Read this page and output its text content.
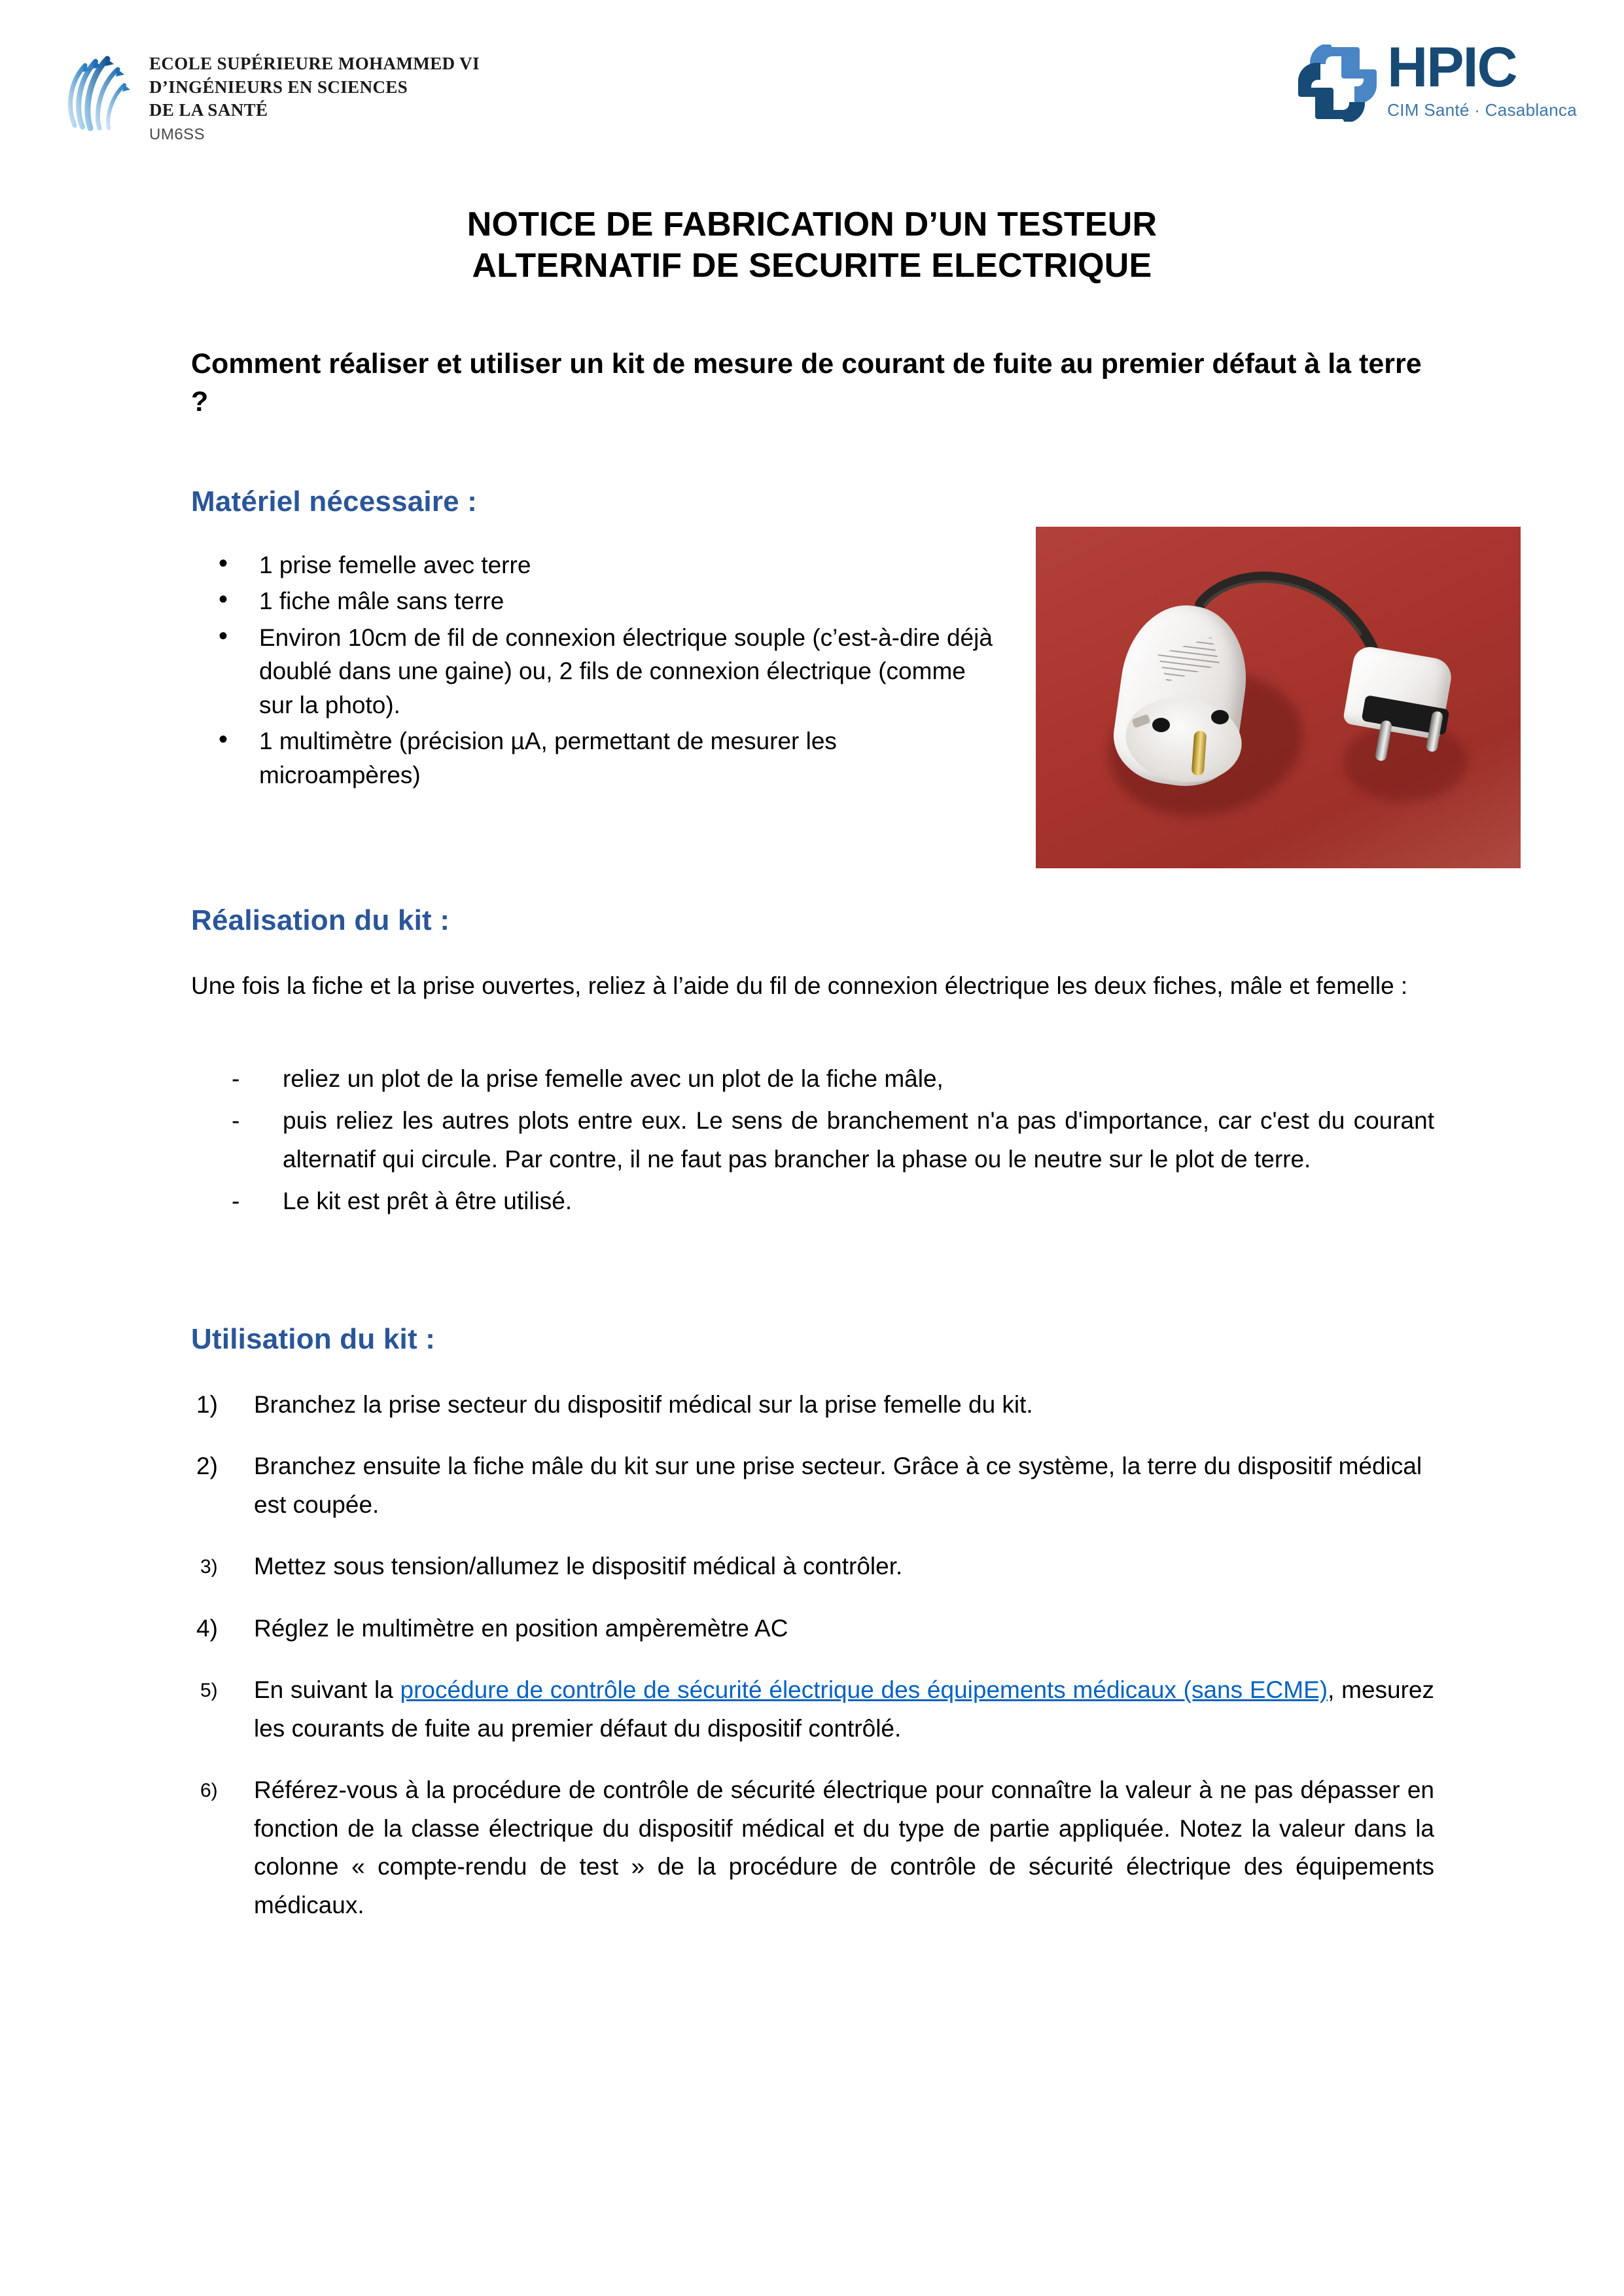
ECOLE SUPÉRIEURE MOHAMMED VI
D’INGÉNIEURS EN SCIENCES
DE LA SANTÉ
UM6SS
HPIC
CIM Santé · Casablanca
NOTICE DE FABRICATION D’UN TESTEUR
ALTERNATIF DE SECURITE ELECTRIQUE
Comment réaliser et utiliser un kit de mesure de courant de fuite au premier défaut à la terre ?
Matériel nécessaire :
• 1 prise femelle avec terre
• 1 fiche mâle sans terre
• Environ 10cm de fil de connexion électrique souple (c’est-à-dire déjà doublé dans une gaine) ou, 2 fils de connexion électrique (comme sur la photo).
• 1 multimètre (précision µA, permettant de mesurer les microampères)
Réalisation du kit :
Une fois la fiche et la prise ouvertes, reliez à l’aide du fil de connexion électrique les deux fiches, mâle et femelle :
- reliez un plot de la prise femelle avec un plot de la fiche mâle,
- puis reliez les autres plots entre eux. Le sens de branchement n'a pas d'importance, car c'est du courant alternatif qui circule. Par contre, il ne faut pas brancher la phase ou le neutre sur le plot de terre.
- Le kit est prêt à être utilisé.
Utilisation du kit :
1) Branchez la prise secteur du dispositif médical sur la prise femelle du kit.
2) Branchez ensuite la fiche mâle du kit sur une prise secteur. Grâce à ce système, la terre du dispositif médical est coupée.
3) Mettez sous tension/allumez le dispositif médical à contrôler.
4) Réglez le multimètre en position ampèremètre AC
5) En suivant la procédure de contrôle de sécurité électrique des équipements médicaux (sans ECME), mesurez les courants de fuite au premier défaut du dispositif contrôlé.
6) Référez-vous à la procédure de contrôle de sécurité électrique pour connaître la valeur à ne pas dépasser en fonction de la classe électrique du dispositif médical et du type de partie appliquée. Notez la valeur dans la colonne « compte-rendu de test » de la procédure de contrôle de sécurité électrique des équipements médicaux.
